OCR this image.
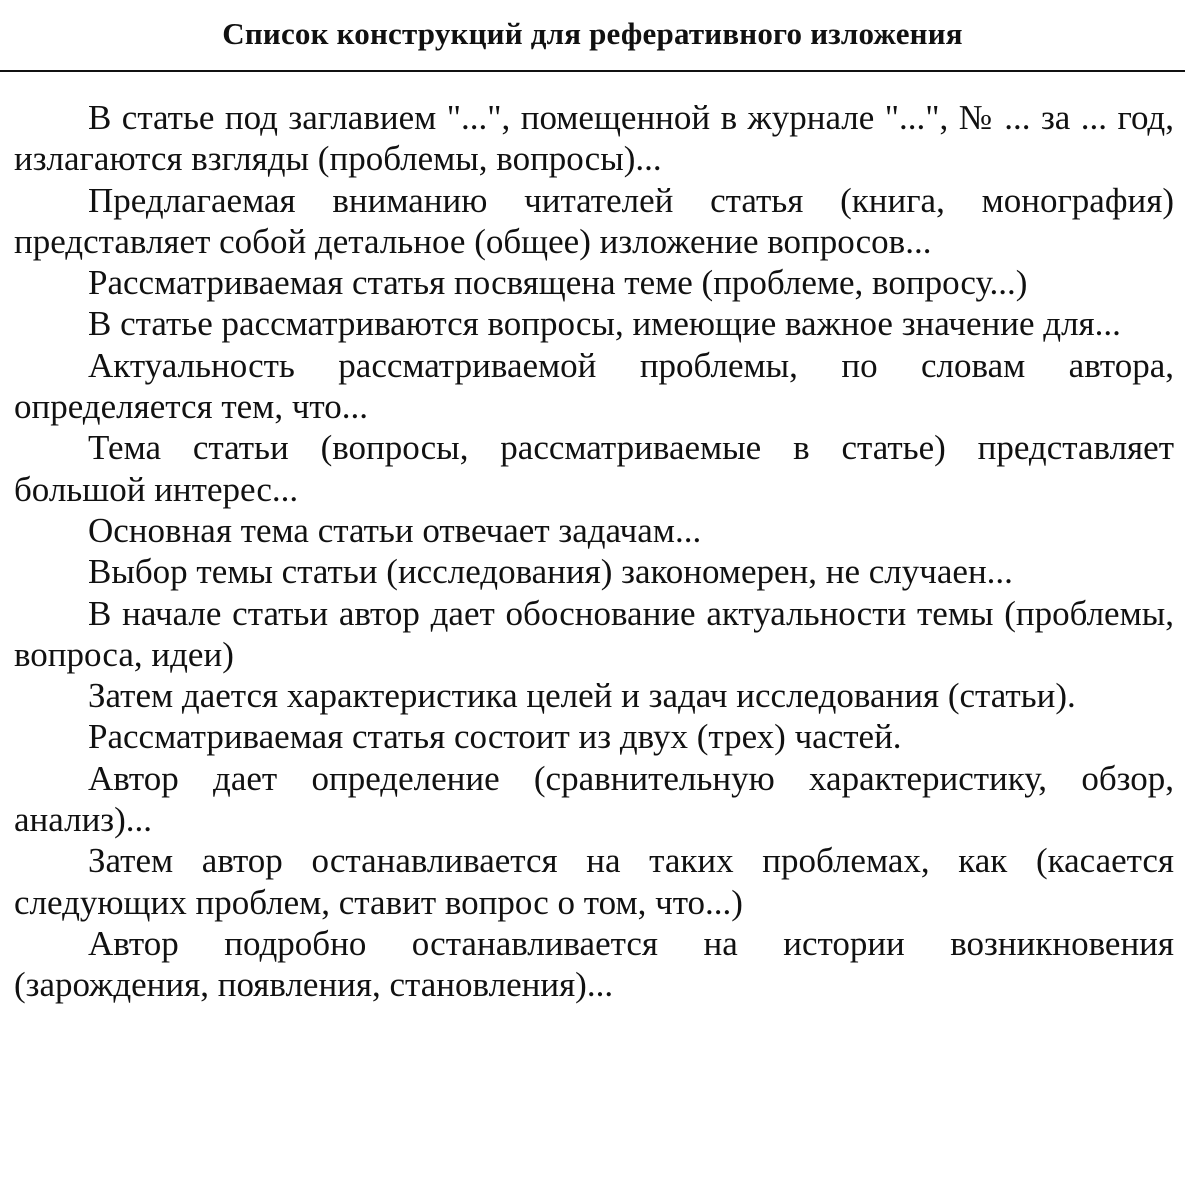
Список конструкций для реферативного изложения

В статье под заглавием "...", помещенной в журнале "...", № ... за ... год, излагаются взгляды (проблемы, вопросы)...

Предлагаемая вниманию читателей статья (книга, монография) представляет собой детальное (общее) изложение вопросов...

Рассматриваемая статья посвящена теме (проблеме, вопросу...)

В статье рассматриваются вопросы, имеющие важное значение для...

Актуальность рассматриваемой проблемы, по словам автора, определяется тем, что...

Тема статьи (вопросы, рассматриваемые в статье) представляет большой интерес...

Основная тема статьи отвечает задачам...

Выбор темы статьи (исследования) закономерен, не случаен...

В начале статьи автор дает обоснование актуальности темы (проблемы, вопроса, идеи)

Затем дается характеристика целей и задач исследования (статьи).

Рассматриваемая статья состоит из двух (трех) частей.

Автор дает определение (сравнительную характеристику, обзор, анализ)...

Затем автор останавливается на таких проблемах, как (касается следующих проблем, ставит вопрос о том, что...)

Автор подробно останавливается на истории возникновения (зарождения, появления, становления)...
